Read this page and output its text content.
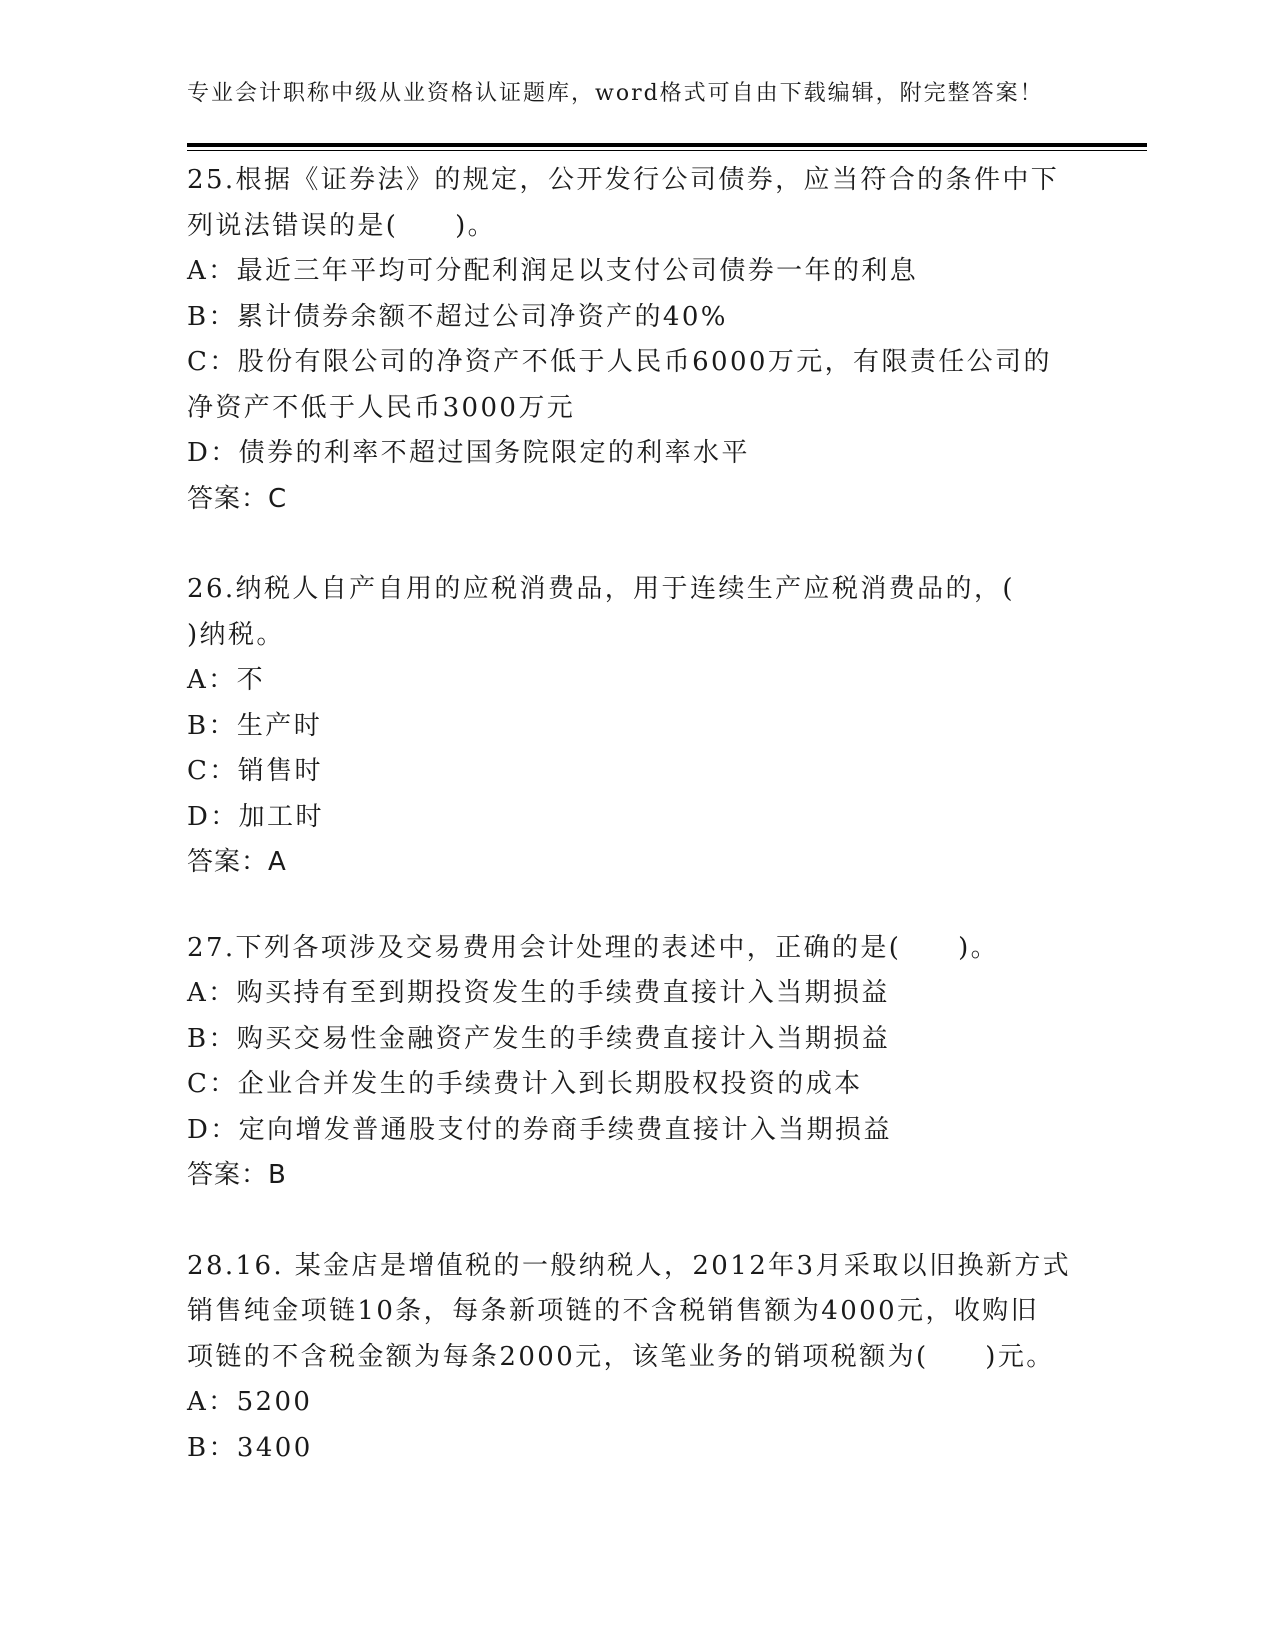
专业会计职称中级从业资格认证题库，word格式可自由下载编辑，附完整答案！
25.根据《证券法》的规定，公开发行公司债券，应当符合的条件中下
列说法错误的是(　　)。
A：最近三年平均可分配利润足以支付公司债券一年的利息
B：累计债券余额不超过公司净资产的40%
C：股份有限公司的净资产不低于人民币6000万元，有限责任公司的
净资产不低于人民币3000万元
D：债券的利率不超过国务院限定的利率水平
答案：C
26.纳税人自产自用的应税消费品，用于连续生产应税消费品的，(
)纳税。
A：不
B：生产时
C：销售时
D：加工时
答案：A
27.下列各项涉及交易费用会计处理的表述中，正确的是(　　)。
A：购买持有至到期投资发生的手续费直接计入当期损益
B：购买交易性金融资产发生的手续费直接计入当期损益
C：企业合并发生的手续费计入到长期股权投资的成本
D：定向增发普通股支付的券商手续费直接计入当期损益
答案：B
28.16. 某金店是增值税的一般纳税人，2012年3月采取以旧换新方式
销售纯金项链10条，每条新项链的不含税销售额为4000元，收购旧
项链的不含税金额为每条2000元，该笔业务的销项税额为(　　)元。
A：5200
B：3400
